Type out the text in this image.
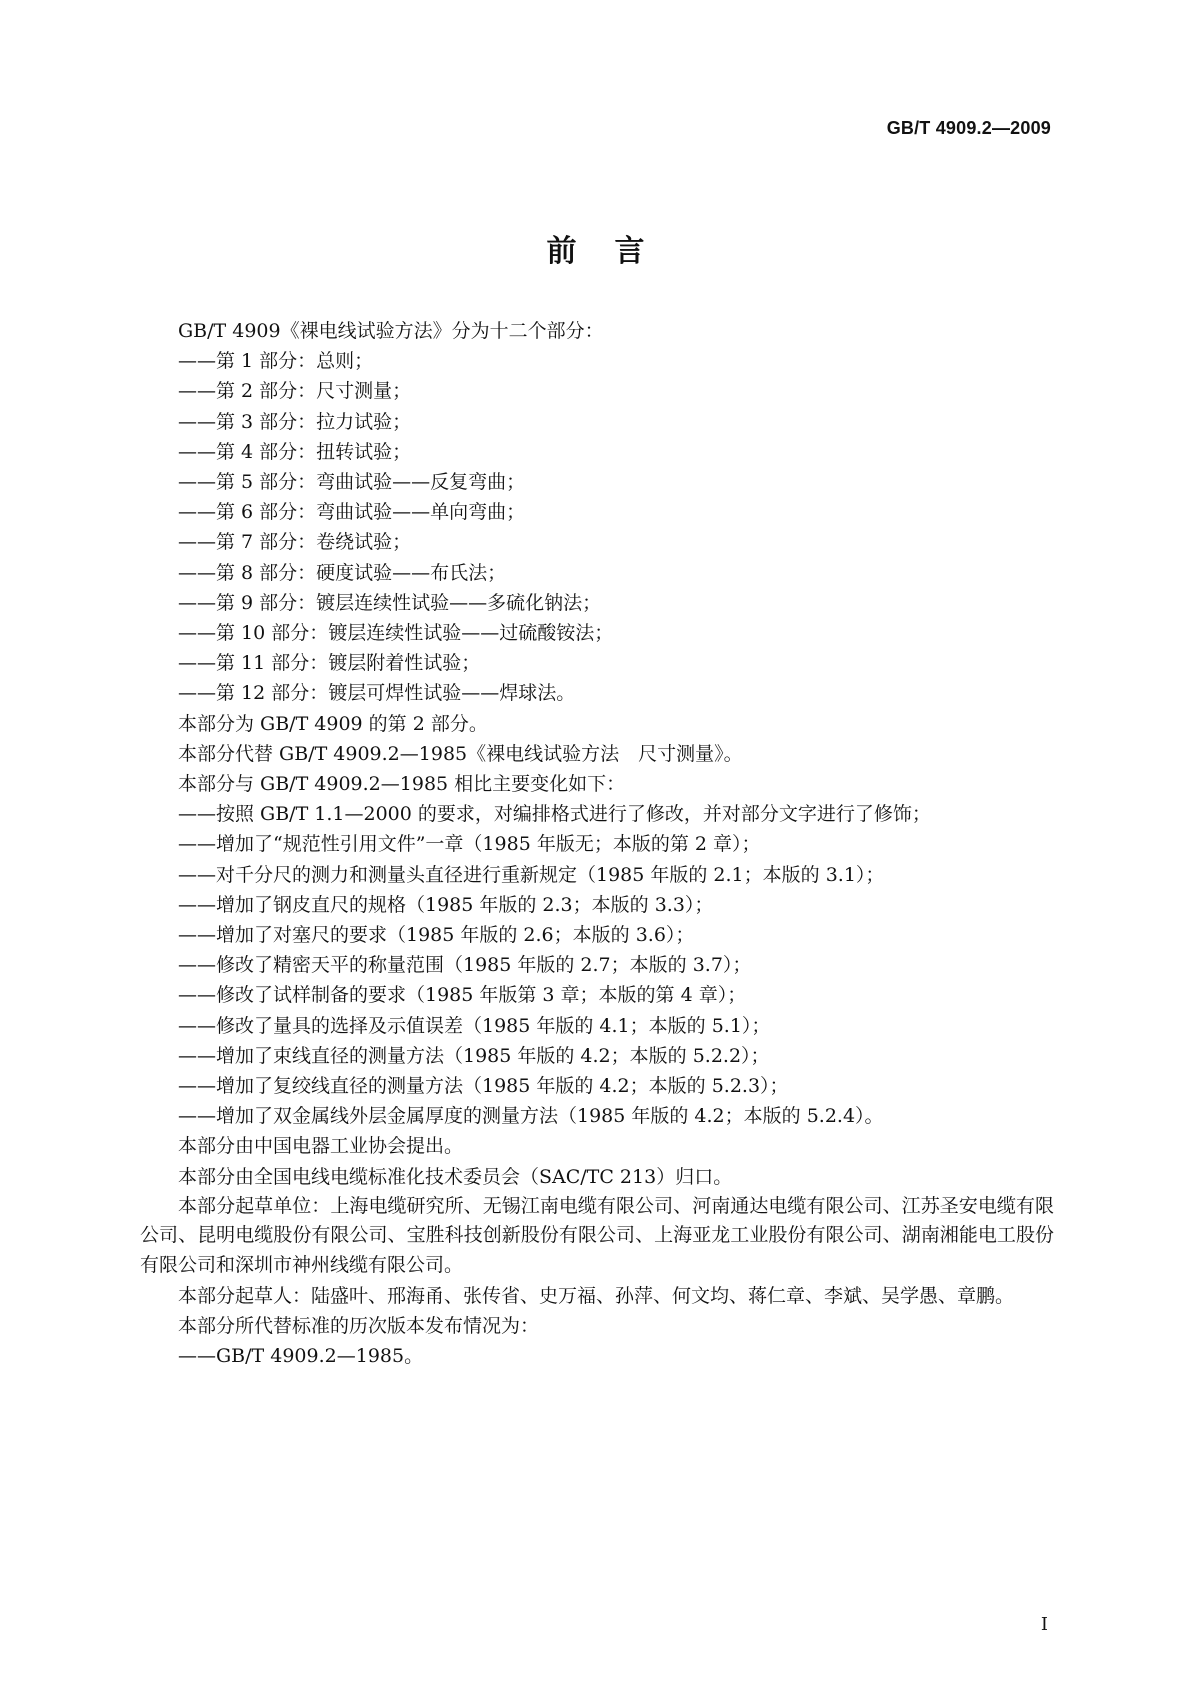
GB/T 4909.2—2009
前言

GB/T 4909《裸电线试验方法》分为十二个部分：

——第 1 部分：总则；

——第 2 部分：尺寸测量；

——第 3 部分：拉力试验；

——第 4 部分：扭转试验；

——第 5 部分：弯曲试验——反复弯曲；

——第 6 部分：弯曲试验——单向弯曲；

——第 7 部分：卷绕试验；

——第 8 部分：硬度试验——布氏法；

——第 9 部分：镀层连续性试验——多硫化钠法；

——第 10 部分：镀层连续性试验——过硫酸铵法；

——第 11 部分：镀层附着性试验；

——第 12 部分：镀层可焊性试验——焊球法。

本部分为 GB/T 4909 的第 2 部分。

本部分代替 GB/T 4909.2—1985《裸电线试验方法　尺寸测量》。

本部分与 GB/T 4909.2—1985 相比主要变化如下：

——按照 GB/T 1.1—2000 的要求，对编排格式进行了修改，并对部分文字进行了修饰；

——增加了“规范性引用文件”一章（1985 年版无；本版的第 2 章）；

——对千分尺的测力和测量头直径进行重新规定（1985 年版的 2.1；本版的 3.1）；

——增加了钢皮直尺的规格（1985 年版的 2.3；本版的 3.3）；

——增加了对塞尺的要求（1985 年版的 2.6；本版的 3.6）；

——修改了精密天平的称量范围（1985 年版的 2.7；本版的 3.7）；

——修改了试样制备的要求（1985 年版第 3 章；本版的第 4 章）；

——修改了量具的选择及示值误差（1985 年版的 4.1；本版的 5.1）；

——增加了束线直径的测量方法（1985 年版的 4.2；本版的 5.2.2）；

——增加了复绞线直径的测量方法（1985 年版的 4.2；本版的 5.2.3）；

——增加了双金属线外层金属厚度的测量方法（1985 年版的 4.2；本版的 5.2.4）。

本部分由中国电器工业协会提出。

本部分由全国电线电缆标准化技术委员会（SAC/TC 213）归口。

本部分起草单位：上海电缆研究所、无锡江南电缆有限公司、河南通达电缆有限公司、江苏圣安电缆有限公司、昆明电缆股份有限公司、宝胜科技创新股份有限公司、上海亚龙工业股份有限公司、湖南湘能电工股份有限公司和深圳市神州线缆有限公司。

本部分起草人：陆盛叶、邢海甬、张传省、史万福、孙萍、何文均、蒋仁章、李斌、吴学愚、章鹏。

本部分所代替标准的历次版本发布情况为：

——GB/T 4909.2—1985。

I
